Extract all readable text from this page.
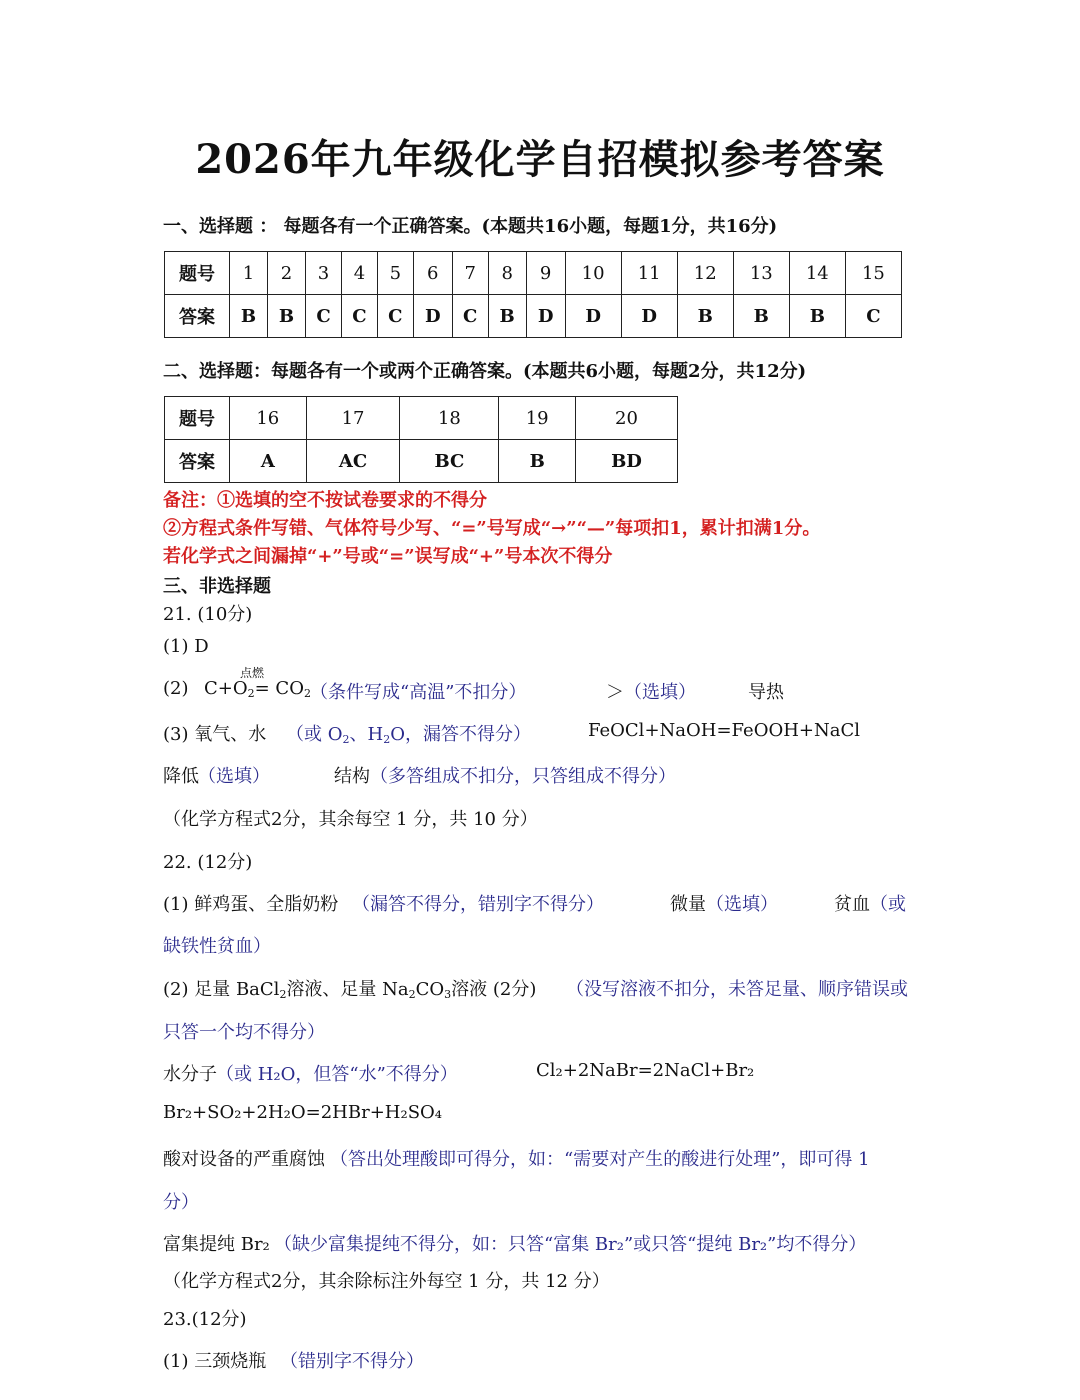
2026年九年级化学自招模拟参考答案
一、选择题 ： 每题各有一个正确答案。(本题共16小题，每题1分，共16分)
题号	1	2	3	4	5	6	7	8	9	10	11	12	13	14	15
答案	B	B	C	C	C	D	C	B	D	D	D	B	B	B	C
二、选择题：每题各有一个或两个正确答案。(本题共6小题，每题2分，共12分)
题号	16	17	18	19	20
答案	A	AC	BC	B	BD
备注：①选填的空不按试卷要求的不得分
②方程式条件写错、气体符号少写、“=”号写成“→”“—”每项扣1，累计扣满1分。
若化学式之间漏掉“+”号或“=”误写成“+”号本次不得分
三、非选择题
21. (10分)
(1) D
(2)
点燃
$C+O_2= CO_2$ （条件写成“高温”不扣分）	＞ （选填）	导热
(3) 氧气、水 （或 $O_2$、$H_2O$，漏答不得分）	FeOCl+NaOH=FeOOH+NaCl
降低 （选填）	结构 （多答组成不扣分，只答组成不得分）
（化学方程式2分，其余每空 1 分，共 10 分）
22. (12分)
(1) 鲜鸡蛋、全脂奶粉 （漏答不得分，错别字不得分）	微量 （选填）	贫血 （或
缺铁性贫血）
(2) 足量 BaCl$_2$溶液、足量 $Na_2CO_3$溶液 (2分) （没写溶液不扣分，未答足量、顺序错误或
只答一个均不得分）
水分子 （或 H₂O，但答“水”不得分）	Cl₂+2NaBr=2NaCl+Br₂
Br₂+SO₂+2H₂O=2HBr+H₂SO₄
酸对设备的严重腐蚀 （答出处理酸即可得分，如：“需要对产生的酸进行处理”，即可得 1
分）
富集提纯 Br₂ （缺少富集提纯不得分，如：只答“富集 Br₂”或只答“提纯 Br₂”均不得分）
（化学方程式2分，其余除标注外每空 1 分，共 12 分）
23.(12分)
(1) 三颈烧瓶 （错别字不得分）
